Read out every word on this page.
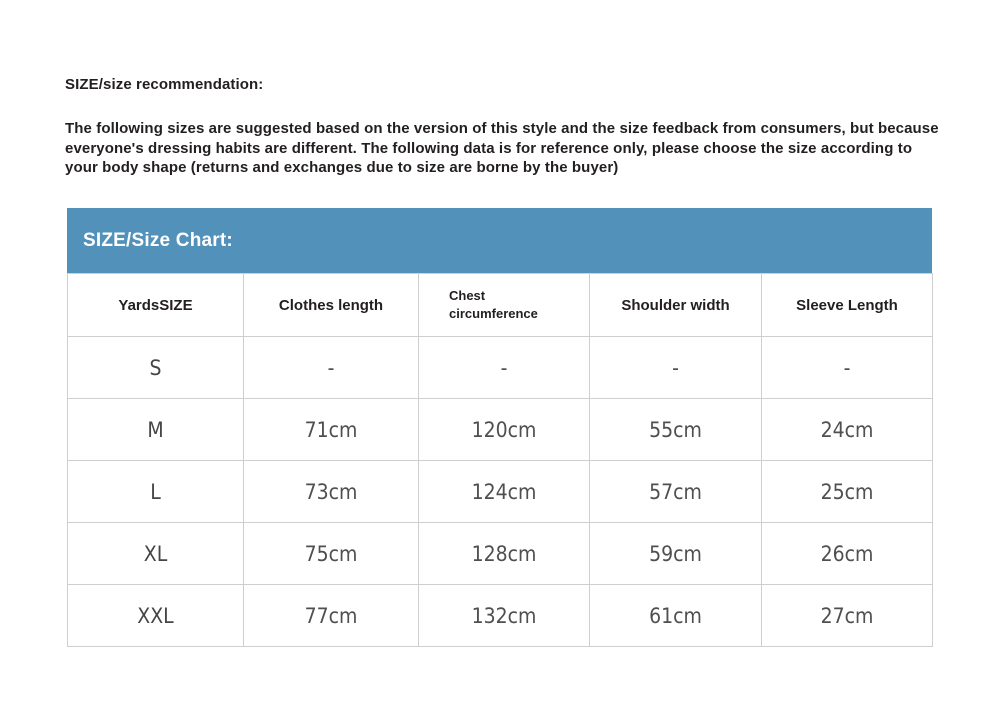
SIZE/size recommendation:
The following sizes are suggested based on the version of this style and the size feedback from consumers, but because everyone's dressing habits are different. The following data is for reference only, please choose the size according to your body shape (returns and exchanges due to size are borne by the buyer)
SIZE/Size Chart:
YardsSIZE	Clothes length	Chest circumference	Shoulder width	Sleeve Length
S	-	-	-	-
M	71cm	120cm	55cm	24cm
L	73cm	124cm	57cm	25cm
XL	75cm	128cm	59cm	26cm
XXL	77cm	132cm	61cm	27cm
